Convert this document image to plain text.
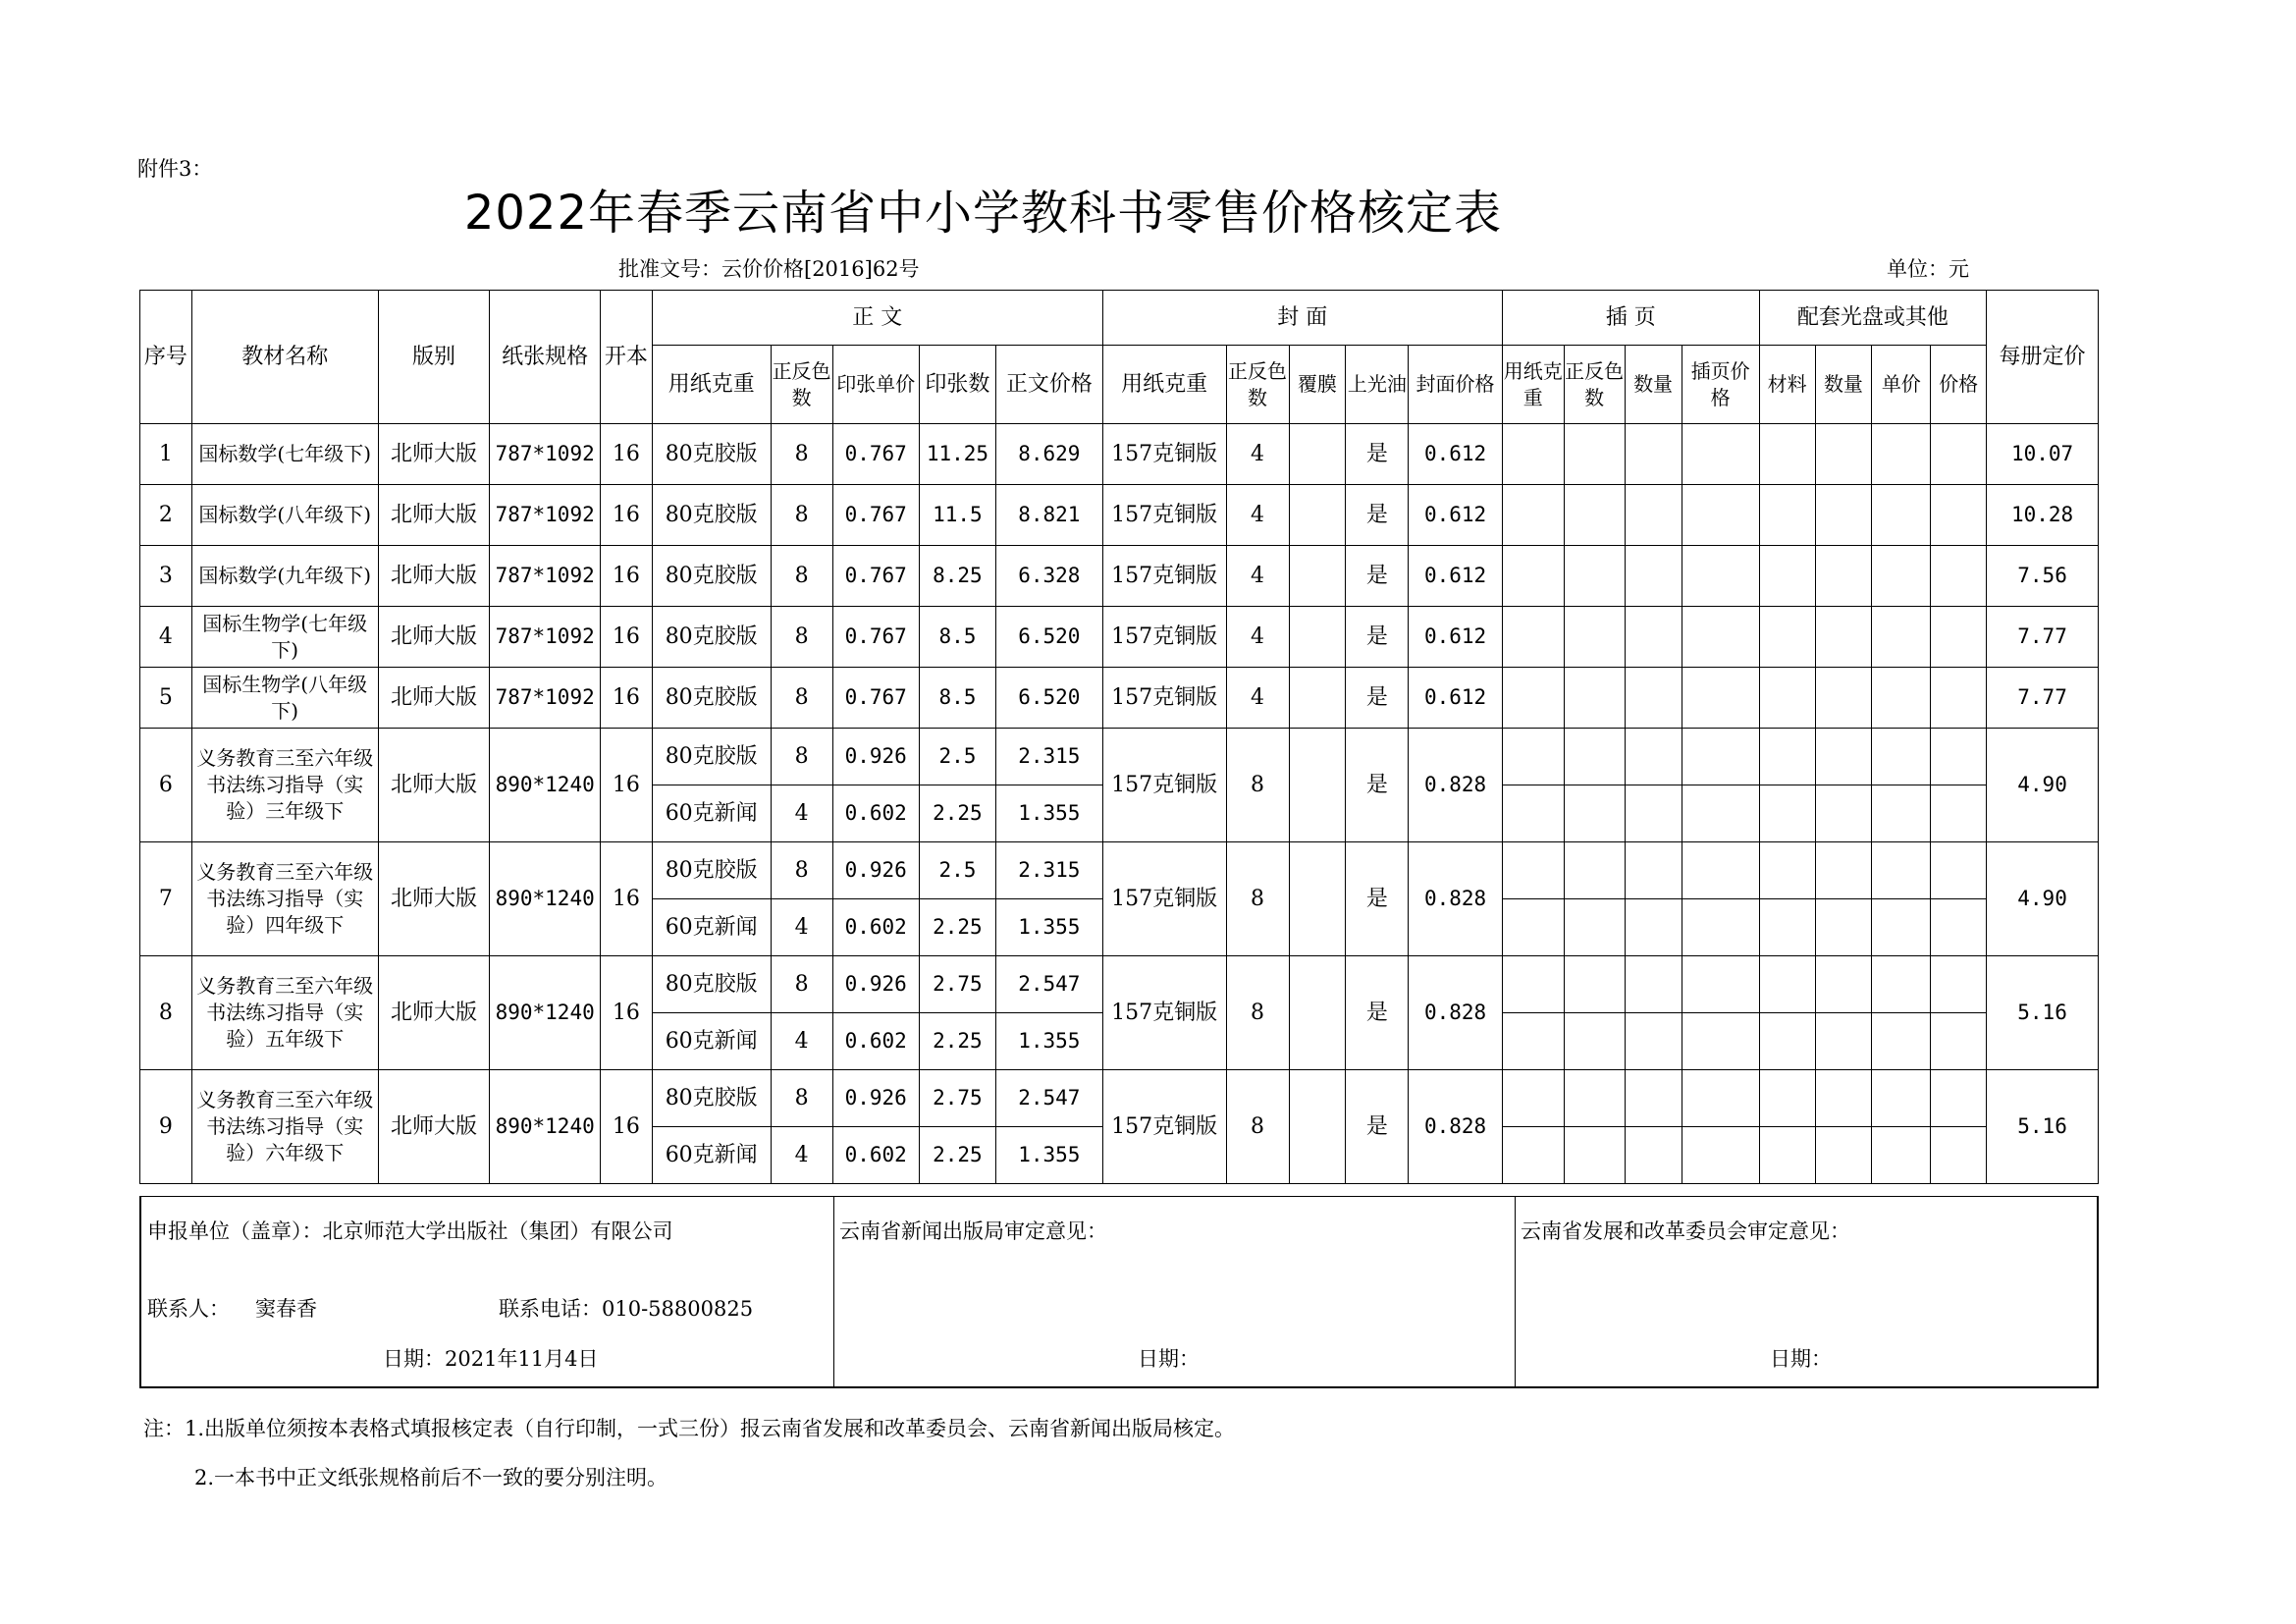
附件3：
2022年春季云南省中小学教科书零售价格核定表
批准文号：云价价格[2016]62号	单位：元
序号	教材名称	版别	纸张规格	开本	正 文					封 面					插 页				配套光盘或其他				每册定价
					用纸克重	正反色数	印张单价	印张数	正文价格	用纸克重	正反色数	覆膜	上光油	封面价格	用纸克重	正反色数	数量	插页价格	材料	数量	单价	价格	
1	国标数学(七年级下)	北师大版	787*1092	16	80克胶版	8	0.767	11.25	8.629	157克铜版	4		是	0.612									10.07
2	国标数学(八年级下)	北师大版	787*1092	16	80克胶版	8	0.767	11.5	8.821	157克铜版	4		是	0.612									10.28
3	国标数学(九年级下)	北师大版	787*1092	16	80克胶版	8	0.767	8.25	6.328	157克铜版	4		是	0.612									7.56
4	国标生物学(七年级下)	北师大版	787*1092	16	80克胶版	8	0.767	8.5	6.520	157克铜版	4		是	0.612									7.77
5	国标生物学(八年级下)	北师大版	787*1092	16	80克胶版	8	0.767	8.5	6.520	157克铜版	4		是	0.612									7.77
6	义务教育三至六年级书法练习指导（实验）三年级下	北师大版	890*1240	16	80克胶版	8	0.926	2.5	2.315	157克铜版	8		是	0.828									4.90
					60克新闻	4	0.602	2.25	1.355														
7	义务教育三至六年级书法练习指导（实验）四年级下	北师大版	890*1240	16	80克胶版	8	0.926	2.5	2.315	157克铜版	8		是	0.828									4.90
					60克新闻	4	0.602	2.25	1.355														
8	义务教育三至六年级书法练习指导（实验）五年级下	北师大版	890*1240	16	80克胶版	8	0.926	2.75	2.547	157克铜版	8		是	0.828									5.16
					60克新闻	4	0.602	2.25	1.355														
9	义务教育三至六年级书法练习指导（实验）六年级下	北师大版	890*1240	16	80克胶版	8	0.926	2.75	2.547	157克铜版	8		是	0.828									5.16
					60克新闻	4	0.602	2.25	1.355														
申报单位（盖章）：北京师范大学出版社（集团）有限公司
联系人： 窦春香	联系电话：010-58800825
日期：2021年11月4日
云南省新闻出版局审定意见：
日期：
云南省发展和改革委员会审定意见：
日期：
注：1.出版单位须按本表格式填报核定表（自行印制，一式三份）报云南省发展和改革委员会、云南省新闻出版局核定。
2.一本书中正文纸张规格前后不一致的要分别注明。
